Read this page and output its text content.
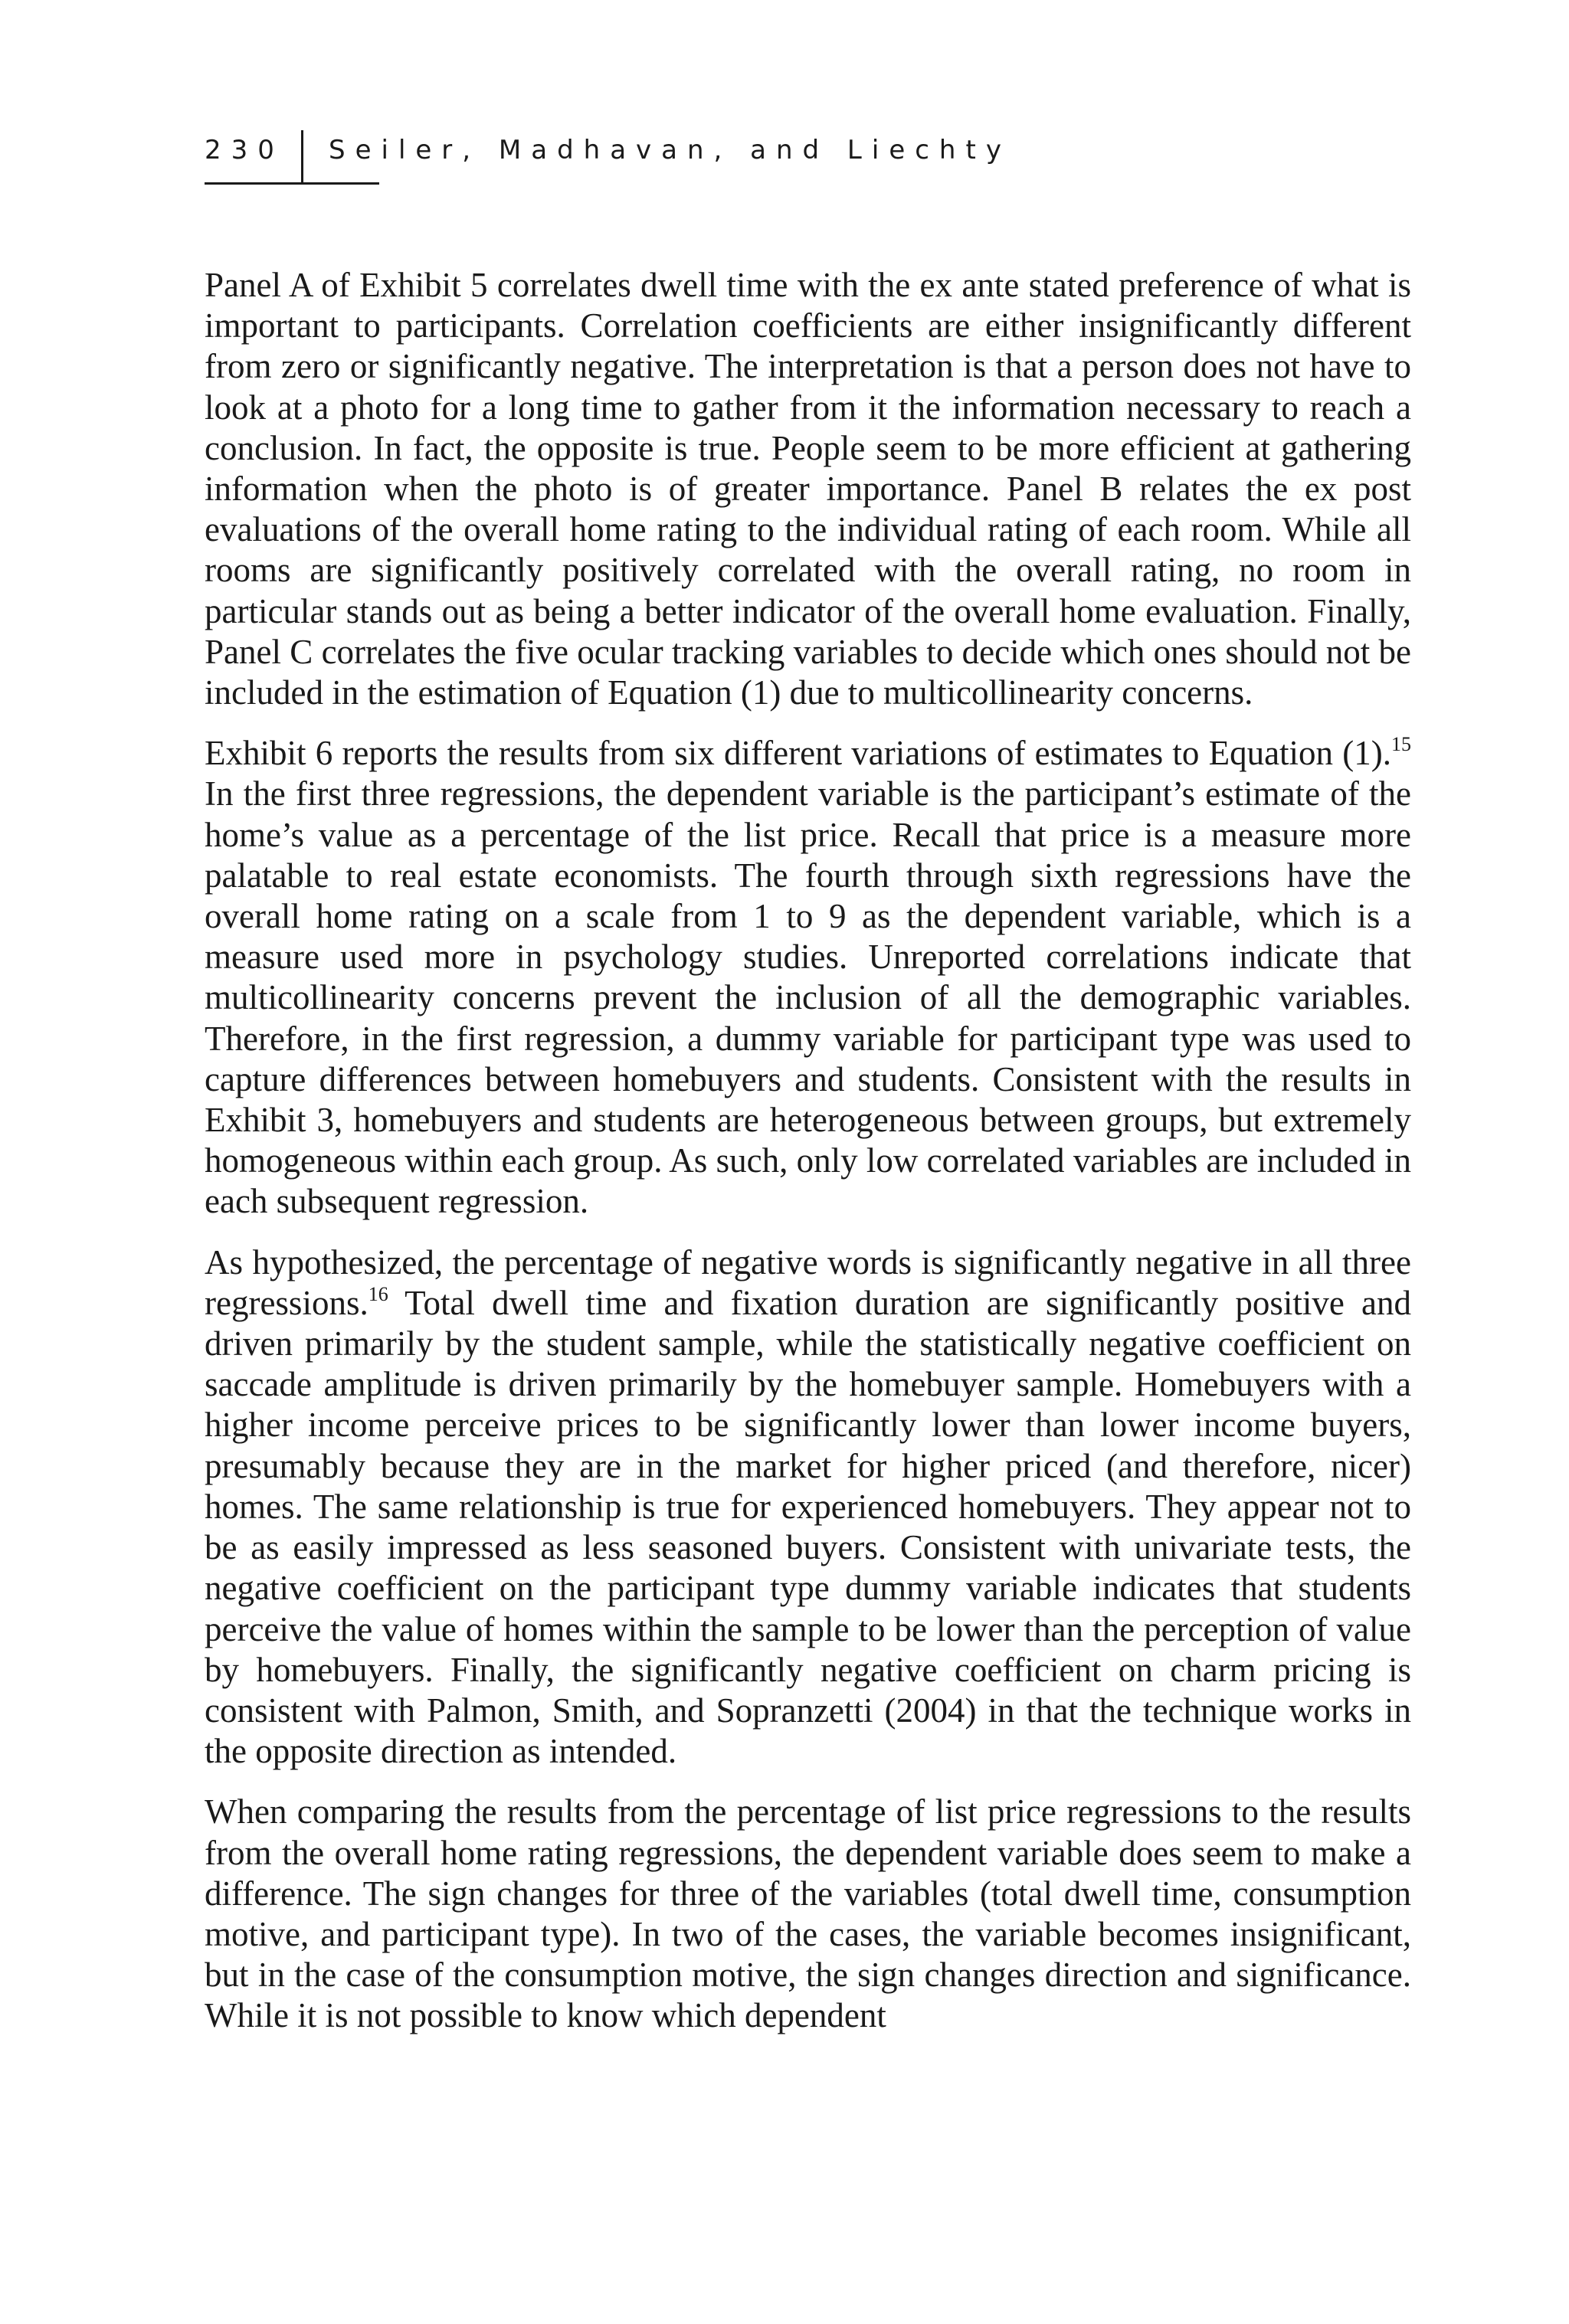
230 Seiler, Madhavan, and Liechty

Panel A of Exhibit 5 correlates dwell time with the ex ante stated preference of what is important to participants. Correlation coefficients are either insignificantly different from zero or significantly negative. The interpretation is that a person does not have to look at a photo for a long time to gather from it the information necessary to reach a conclusion. In fact, the opposite is true. People seem to be more efficient at gathering information when the photo is of greater importance. Panel B relates the ex post evaluations of the overall home rating to the individual rating of each room. While all rooms are significantly positively correlated with the overall rating, no room in particular stands out as being a better indicator of the overall home evaluation. Finally, Panel C correlates the five ocular tracking variables to decide which ones should not be included in the estimation of Equation (1) due to multicollinearity concerns.

Exhibit 6 reports the results from six different variations of estimates to Equation (1).$^{15}$ In the first three regressions, the dependent variable is the participant’s estimate of the home’s value as a percentage of the list price. Recall that price is a measure more palatable to real estate economists. The fourth through sixth regressions have the overall home rating on a scale from 1 to 9 as the dependent variable, which is a measure used more in psychology studies. Unreported correlations indicate that multicollinearity concerns prevent the inclusion of all the demographic variables. Therefore, in the first regression, a dummy variable for participant type was used to capture differences between homebuyers and students. Consistent with the results in Exhibit 3, homebuyers and students are heterogeneous between groups, but extremely homogeneous within each group. As such, only low correlated variables are included in each subsequent regression.

As hypothesized, the percentage of negative words is significantly negative in all three regressions.$^{16}$ Total dwell time and fixation duration are significantly positive and driven primarily by the student sample, while the statistically negative coefficient on saccade amplitude is driven primarily by the homebuyer sample. Homebuyers with a higher income perceive prices to be significantly lower than lower income buyers, presumably because they are in the market for higher priced (and therefore, nicer) homes. The same relationship is true for experienced homebuyers. They appear not to be as easily impressed as less seasoned buyers. Consistent with univariate tests, the negative coefficient on the participant type dummy variable indicates that students perceive the value of homes within the sample to be lower than the perception of value by homebuyers. Finally, the significantly negative coefficient on charm pricing is consistent with Palmon, Smith, and Sopranzetti (2004) in that the technique works in the opposite direction as intended.

When comparing the results from the percentage of list price regressions to the results from the overall home rating regressions, the dependent variable does seem to make a difference. The sign changes for three of the variables (total dwell time, consumption motive, and participant type). In two of the cases, the variable becomes insignificant, but in the case of the consumption motive, the sign changes direction and significance. While it is not possible to know which dependent
